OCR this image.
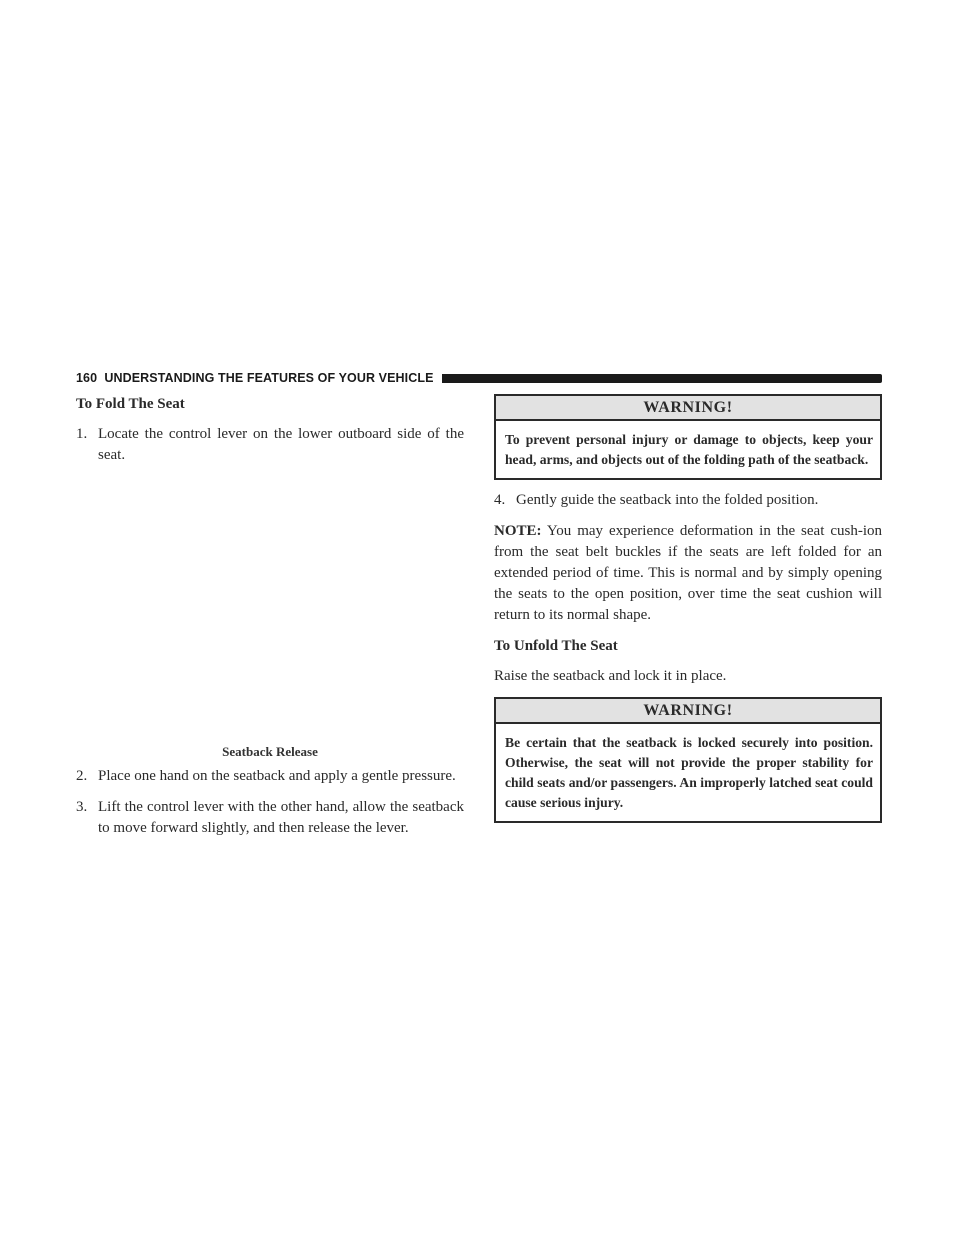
160 UNDERSTANDING THE FEATURES OF YOUR VEHICLE
To Fold The Seat
1. Locate the control lever on the lower outboard side of the seat.
Seatback Release
2. Place one hand on the seatback and apply a gentle pressure.
3. Lift the control lever with the other hand, allow the seatback to move forward slightly, and then release the lever.
WARNING!
To prevent personal injury or damage to objects, keep your head, arms, and objects out of the folding path of the seatback.
4. Gently guide the seatback into the folded position.

NOTE: You may experience deformation in the seat cush-ion from the seat belt buckles if the seats are left folded for an extended period of time. This is normal and by simply opening the seats to the open position, over time the seat cushion will return to its normal shape.

To Unfold The Seat

Raise the seatback and lock it in place.

WARNING!
Be certain that the seatback is locked securely into position. Otherwise, the seat will not provide the proper stability for child seats and/or passengers. An improperly latched seat could cause serious injury.
